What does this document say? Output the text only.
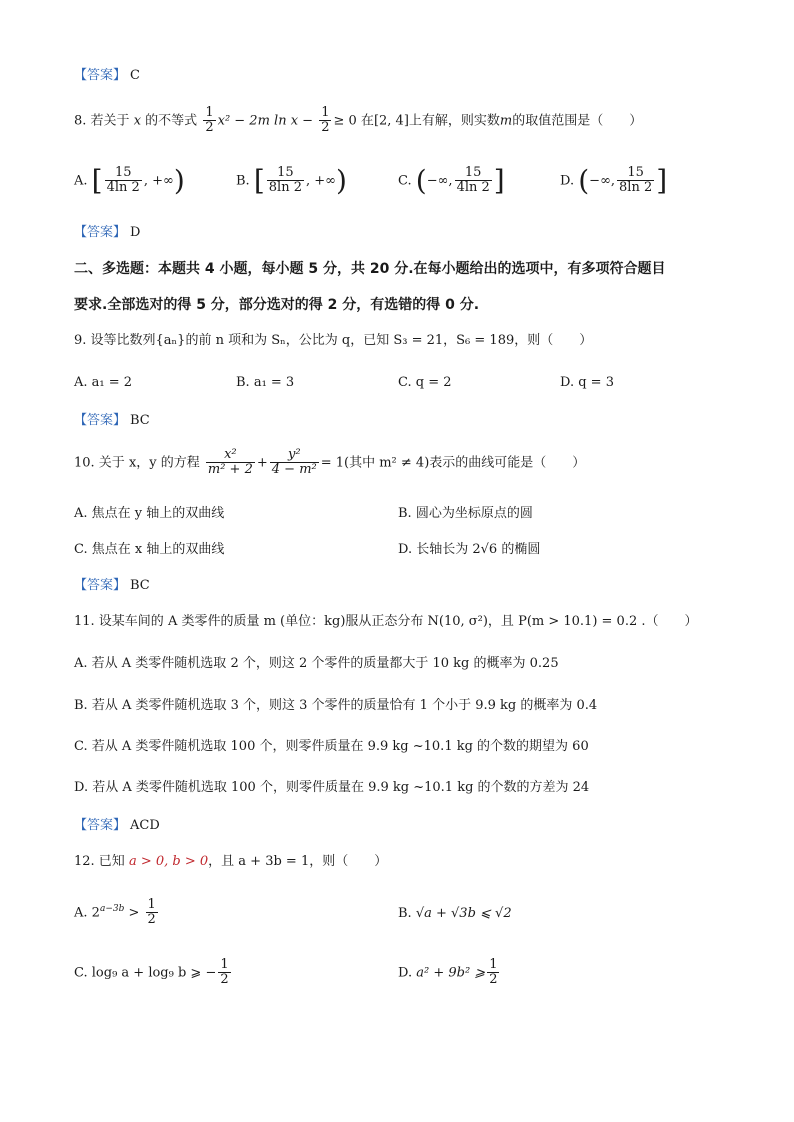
【答案】 C
8. 若关于 x 的不等式 $\frac{1}{2} x^2 - 2m$ $\ln x - \frac{1}{2} \ge 0$ 在[2, 4]上有解，则实数m的取值范围是（　　）
A. [ $\frac{15}{4\ln 2}$ , +∞)	B. [ $\frac{15}{8\ln 2}$ , +∞)	C. (−∞, $\frac{15}{4\ln 2}$ ]	D. (−∞, $\frac{15}{8\ln 2}$ ]
【答案】 D
二、多选题：本题共 4 小题，每小题 5 分，共 20 分.在每小题给出的选项中，有多项符合题目
要求.全部选对的得 5 分，部分选对的得 2 分，有选错的得 0 分.
9. 设等比数列{aₙ}的前 n 项和为 Sₙ，公比为 q，已知 S₃ = 21，S₆ = 189，则（　　）
A. a₁ = 2	B. a₁ = 3	C. q = 2	D. q = 3
【答案】 BC
10. 关于 x，y 的方程 $\frac{\text{x²}}{\text{m² + 2}} + \frac{\text{y²}}{\text{4 − m²}} = 1$(其中 m² ≠ 4)表示的曲线可能是（　　）
A. 焦点在 y 轴上的双曲线	B. 圆心为坐标原点的圆
C. 焦点在 x 轴上的双曲线	D. 长轴长为 2√6 的椭圆
【答案】 BC
11. 设某车间的 A 类零件的质量 m (单位：kg)服从正态分布 N(10, σ²)，且 P(m > 10.1) = 0.2 .（　　）
A. 若从 A 类零件随机选取 2 个，则这 2 个零件的质量都大于 10 kg 的概率为 0.25
B. 若从 A 类零件随机选取 3 个，则这 3 个零件的质量恰有 1 个小于 9.9 kg 的概率为 0.4
C. 若从 A 类零件随机选取 100 个，则零件质量在 9.9 kg ~10.1 kg 的个数的期望为 60
D. 若从 A 类零件随机选取 100 个，则零件质量在 9.9 kg ~10.1 kg 的个数的方差为 24
【答案】 ACD
12. 已知 a > 0, b > 0，且 a + 3b = 1，则（　　）
A. $2^{a-3b} > \frac{1}{2}$	B. √a + √3b ⩽ √2
C. log₉ a + log₉ b ⩾ − $\frac{1}{2}$	D. a² + 9b² ⩾ $\frac{1}{2}$
